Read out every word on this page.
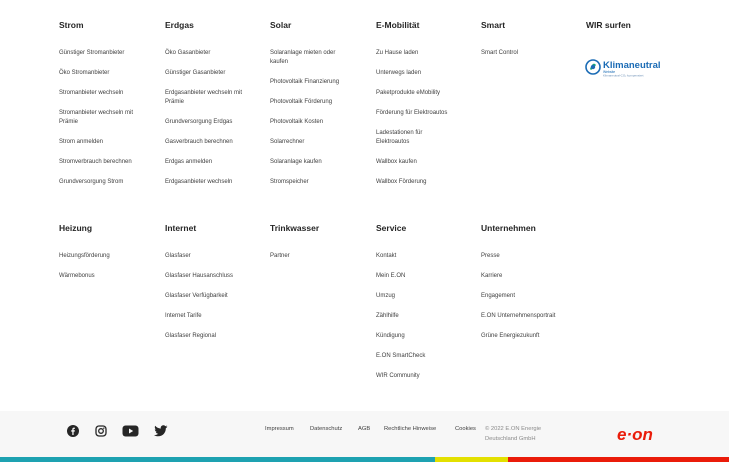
Strom
Günstiger Stromanbieter
Öko Stromanbieter
Stromanbieter wechseln
Stromanbieter wechseln mit Prämie
Strom anmelden
Stromverbrauch berechnen
Grundversorgung Strom
Erdgas
Öko Gasanbieter
Günstiger Gasanbieter
Erdgasanbieter wechseln mit Prämie
Grundversorgung Erdgas
Gasverbrauch berechnen
Erdgas anmelden
Erdgasanbieter wechseln
Solar
Solaranlage mieten oder kaufen
Photovoltaik Finanzierung
Photovoltaik Förderung
Photovoltaik Kosten
Solarrechner
Solaranlage kaufen
Stromspeicher
E-Mobilität
Zu Hause laden
Unterwegs laden
Paketprodukte eMobility
Förderung für Elektroautos
Ladestationen für Elektroautos
Wallbox kaufen
Wallbox Förderung
Smart
Smart Control
WIR surfen
Klimaneutral
Website
Klimaneutral-CO₂ kompensiert
Heizung
Heizungsförderung
Wärmebonus
Internet
Glasfaser
Glasfaser Hausanschluss
Glasfaser Verfügbarkeit
Internet Tarife
Glasfaser Regional
Trinkwasser
Partner
Service
Kontakt
Mein E.ON
Umzug
Zählhilfe
Kündigung
E.ON SmartCheck
WIR Community
Unternehmen
Presse
Karriere
Engagement
E.ON Unternehmensportrait
Grüne Energiezukunft
Impressum	Datenschutz	AGB Rechtliche Hinweise	Cookies © 2022 E.ON Energie
Deutschland GmbH	e·on
